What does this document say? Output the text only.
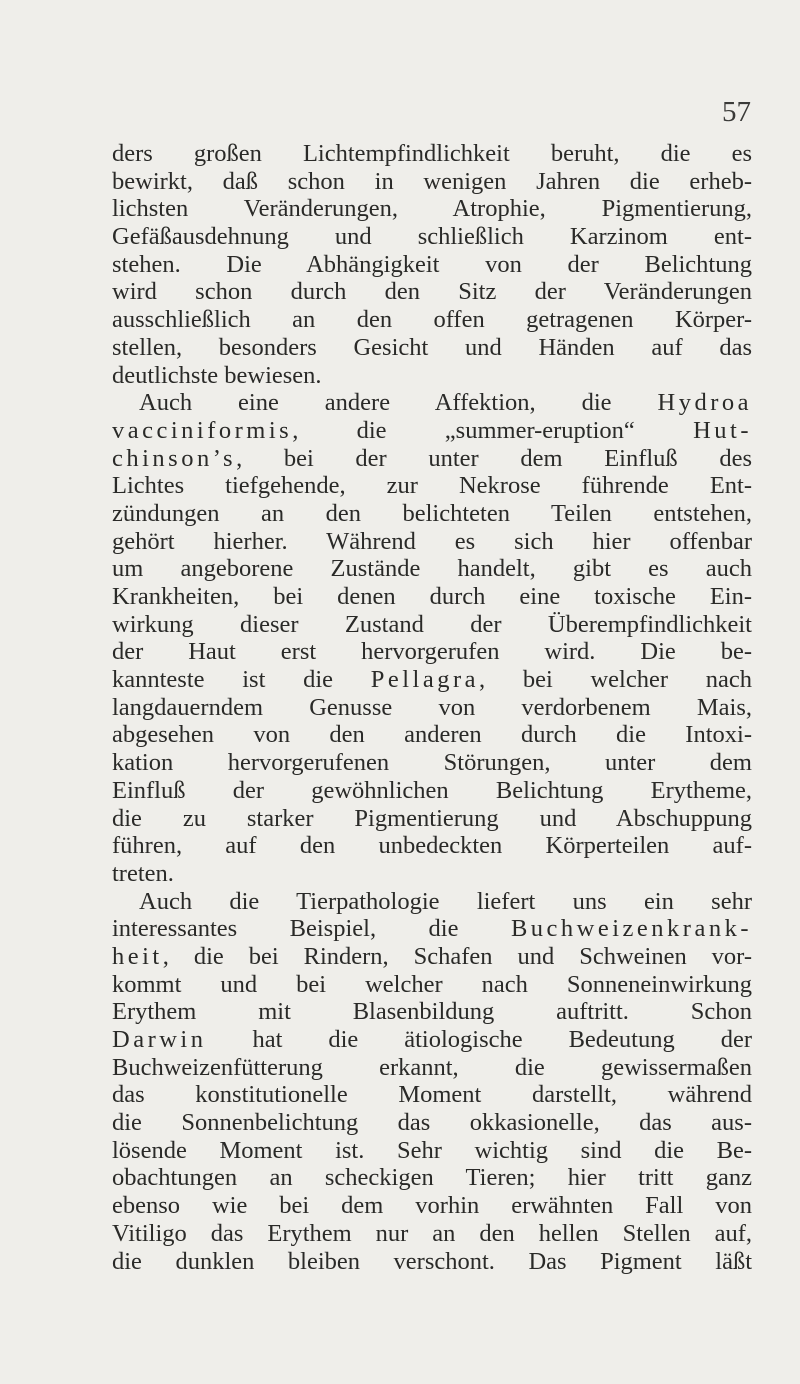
57

ders großen Lichtempfindlichkeit beruht, die es
bewirkt, daß schon in wenigen Jahren die erheb-
lichsten Veränderungen, Atrophie, Pigmentierung,
Gefäßausdehnung und schließlich Karzinom ent-
stehen. Die Abhängigkeit von der Belichtung
wird schon durch den Sitz der Veränderungen
ausschließlich an den offen getragenen Körper-
stellen, besonders Gesicht und Händen auf das
deutlichste bewiesen.
Auch eine andere Affektion, die Hydroa
vacciniformis, die „summer-eruption“ Hut-
chinson’s, bei der unter dem Einfluß des
Lichtes tiefgehende, zur Nekrose führende Ent-
zündungen an den belichteten Teilen entstehen,
gehört hierher. Während es sich hier offenbar
um angeborene Zustände handelt, gibt es auch
Krankheiten, bei denen durch eine toxische Ein-
wirkung dieser Zustand der Überempfindlichkeit
der Haut erst hervorgerufen wird. Die be-
kannteste ist die Pellagra, bei welcher nach
langdauerndem Genusse von verdorbenem Mais,
abgesehen von den anderen durch die Intoxi-
kation hervorgerufenen Störungen, unter dem
Einfluß der gewöhnlichen Belichtung Erytheme,
die zu starker Pigmentierung und Abschuppung
führen, auf den unbedeckten Körperteilen auf-
treten.
Auch die Tierpathologie liefert uns ein sehr
interessantes Beispiel, die Buchweizenkrank-
heit, die bei Rindern, Schafen und Schweinen vor-
kommt und bei welcher nach Sonneneinwirkung
Erythem mit Blasenbildung auftritt. Schon
Darwin hat die ätiologische Bedeutung der
Buchweizenfütterung erkannt, die gewissermaßen
das konstitutionelle Moment darstellt, während
die Sonnenbelichtung das okkasionelle, das aus-
lösende Moment ist. Sehr wichtig sind die Be-
obachtungen an scheckigen Tieren; hier tritt ganz
ebenso wie bei dem vorhin erwähnten Fall von
Vitiligo das Erythem nur an den hellen Stellen auf,
die dunklen bleiben verschont. Das Pigment läßt
